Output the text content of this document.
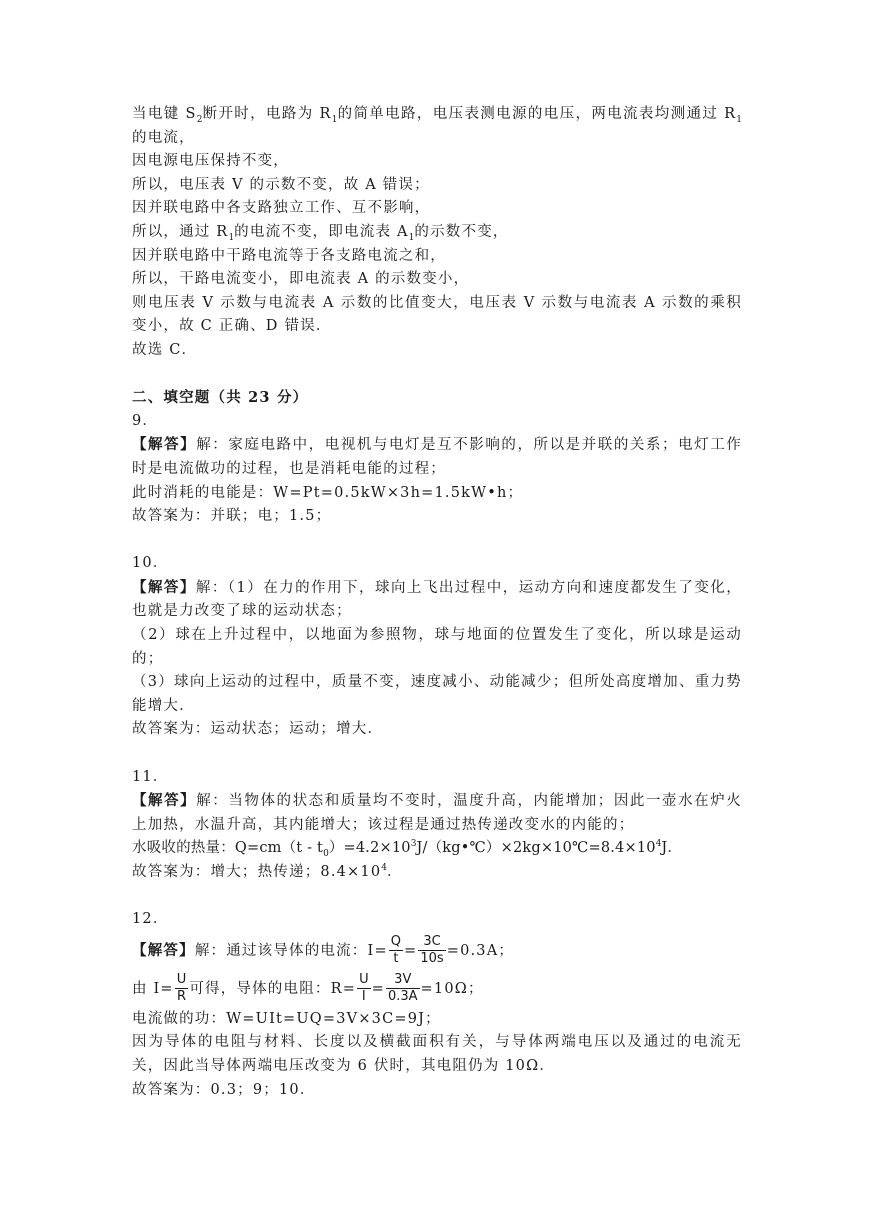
当电键 $S_2$断开时，电路为 $R_1$的简单电路，电压表测电源的电压，两电流表均测通过 $R_1$的电流，
因电源电压保持不变，
所以，电压表 V 的示数不变，故 A 错误；
因并联电路中各支路独立工作、互不影响，
所以，通过 $R_1$的电流不变，即电流表 $A_1$的示数不变，
因并联电路中干路电流等于各支路电流之和，
所以，干路电流变小，即电流表 A 的示数变小，
则电压表 V 示数与电流表 A 示数的比值变大，电压表 V 示数与电流表 A 示数的乘积变小，故 C 正确、D 错误．
故选 C．
二、填空题（共 23 分）
9．
【解答】解：家庭电路中，电视机与电灯是互不影响的，所以是并联的关系；电灯工作时是电流做功的过程，也是消耗电能的过程；
此时消耗的电能是：W=Pt=0.5kW×3h=1.5kW•h；
故答案为：并联；电；1.5；
10．
【解答】解：（1）在力的作用下，球向上飞出过程中，运动方向和速度都发生了变化，也就是力改变了球的运动状态；
（2）球在上升过程中，以地面为参照物，球与地面的位置发生了变化，所以球是运动的；
（3）球向上运动的过程中，质量不变，速度减小、动能减少；但所处高度增加、重力势能增大．
故答案为：运动状态；运动；增大．
11．
【解答】解：当物体的状态和质量均不变时，温度升高，内能增加；因此一壶水在炉火上加热，水温升高，其内能增大；该过程是通过热传递改变水的内能的；
水吸收的热量：$Q=cm(t - t_0)=4.2\times 10^3J/(kg•℃)\times 2kg\times 10℃=8.4\times 10^4J$．
故答案为：增大；热传递；$8.4\times 10^4$．
12．
【解答】解：通过该导体的电流：$I= \frac{Q}{t} = \frac{3C}{10s} =0.3A$；
由 $I= \frac{U}{R}$ 可得，导体的电阻：$R= \frac{U}{I} = \frac{3V}{0.3A} =10\Omega$；
电流做的功：W=UIt=UQ=3V×3C=9J；
因为导体的电阻与材料、长度以及横截面积有关，与导体两端电压以及通过的电流无关，因此当导体两端电压改变为 6 伏时，其电阻仍为 10Ω．
故答案为：0.3；9；10．
